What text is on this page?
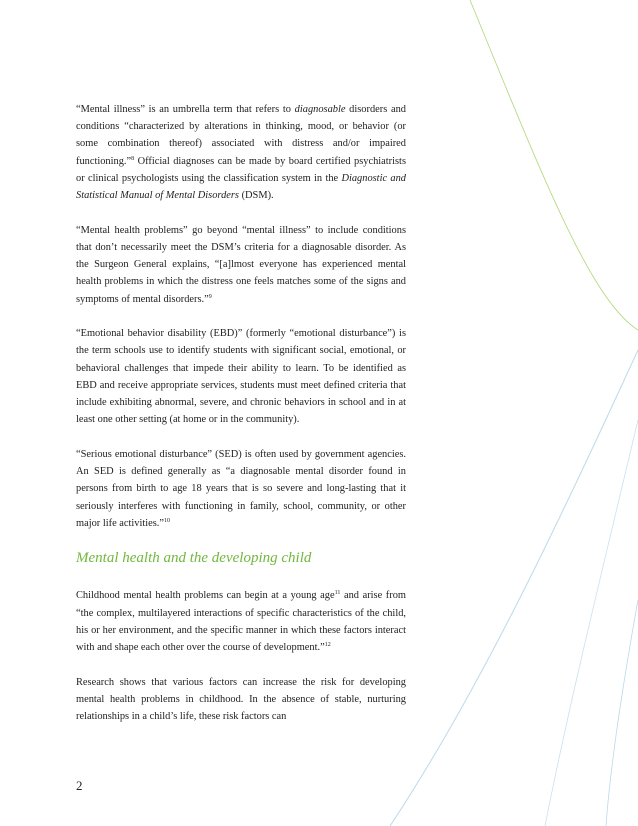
“Mental illness” is an umbrella term that refers to diagnosable disorders and conditions “characterized by alterations in thinking, mood, or behavior (or some combination thereof) associated with distress and/or impaired functioning.”$^8$ Official diagnoses can be made by board certified psychiatrists or clinical psychologists using the classification system in the Diagnostic and Statistical Manual of Mental Disorders (DSM).

“Mental health problems” go beyond “mental illness” to include conditions that don’t necessarily meet the DSM’s criteria for a diagnosable disorder. As the Surgeon General explains, “[a]lmost everyone has experienced mental health problems in which the distress one feels matches some of the signs and symptoms of mental disorders.”$^9$

“Emotional behavior disability (EBD)” (formerly “emotional disturbance”) is the term schools use to identify students with significant social, emotional, or behavioral challenges that impede their ability to learn. To be identified as EBD and receive appropriate services, students must meet defined criteria that include exhibiting abnormal, severe, and chronic behaviors in school and in at least one other setting (at home or in the community).

“Serious emotional disturbance” (SED) is often used by government agencies. An SED is defined generally as “a diagnosable mental disorder found in persons from birth to age 18 years that is so severe and long-lasting that it seriously interferes with functioning in family, school, community, or other major life activities.”$^{10}$

Mental health and the developing child

Childhood mental health problems can begin at a young age$^{11}$ and arise from “the complex, multilayered interactions of specific characteristics of the child, his or her environment, and the specific manner in which these factors interact with and shape each other over the course of development.”$^{12}$

Research shows that various factors can increase the risk for developing mental health problems in childhood. In the absence of stable, nurturing relationships in a child’s life, these risk factors can

2
